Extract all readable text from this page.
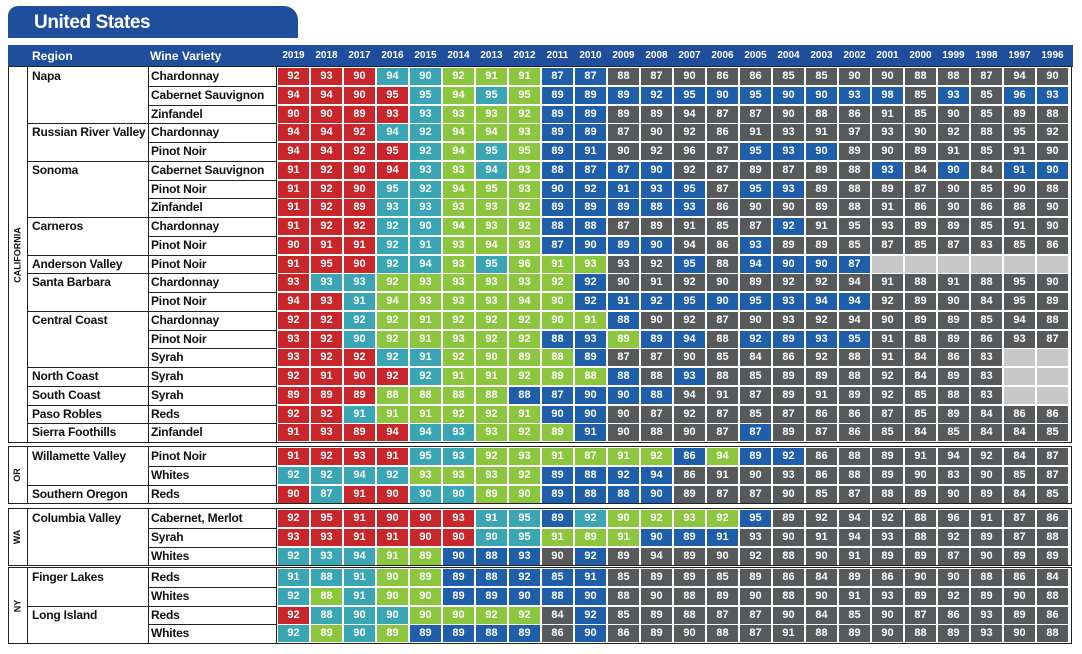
United States
Region	Wine Variety	2019	2018	2017	2016	2015	2014	2013	2012	2011	2010	2009	2008	2007	2006	2005	2004	2003	2002	2001	2000	1999	1998	1997	1996
CALIFORNIA
Napa	Chardonnay	92	93	90	94	90	92	91	91	87	87	88	87	90	86	86	85	85	90	90	88	88	87	94	90
Cabernet Sauvignon	94	94	90	95	95	94	95	95	89	89	89	92	95	90	95	90	90	93	98	85	93	85	96	93
Zinfandel	90	90	89	93	93	93	93	92	89	89	89	89	94	87	87	90	88	86	91	85	90	85	89	88
Russian River Valley Chardonnay	94	94	92	94	92	94	94	93	89	89	87	90	92	86	91	93	91	97	93	90	92	88	95	92
Pinot Noir	94	94	92	95	92	94	95	95	89	91	90	92	96	87	95	93	90	89	90	89	91	85	91	90
Sonoma	Cabernet Sauvignon	91	92	90	94	93	93	94	93	88	87	87	90	92	87	89	87	89	88	93	84	90	84	91	90
Pinot Noir	91	92	90	95	92	94	95	93	90	92	91	93	95	87	95	93	89	88	89	87	90	85	90	88
Zinfandel	91	92	89	93	93	93	93	92	89	89	89	88	93	86	90	90	89	88	91	86	90	86	88	90
Carneros	Chardonnay	91	92	92	92	90	94	93	92	88	88	87	89	91	85	87	92	91	95	93	89	89	85	91	90
Pinot Noir	90	91	91	92	91	93	94	93	87	90	89	90	94	86	93	89	89	85	87	85	87	83	85	86
Anderson Valley Pinot Noir	91	95	90	92	94	93	95	96	91	93	93	92	95	88	94	90	90	87
Santa Barbara	Chardonnay	93	93	93	92	93	93	93	93	92	92	90	91	92	90	89	92	92	94	91	88	91	88	95	90
Pinot Noir	94	93	91	94	93	93	93	94	90	92	91	92	95	90	95	93	94	94	92	89	90	84	95	89
Central Coast	Chardonnay	92	92	92	92	91	92	92	92	90	91	88	90	92	87	90	93	92	94	90	89	89	85	94	88
Pinot Noir	93	92	90	92	91	93	92	92	88	93	89	89	94	88	92	89	93	95	91	88	89	86	93	87
Syrah	93	92	92	92	91	92	90	89	88	89	87	87	90	85	84	86	92	88	91	84	86	83
North Coast	Syrah	92	91	90	92	92	91	91	92	89	88	88	88	93	88	85	89	89	88	92	84	89	83
South Coast	Syrah	89	89	89	88	88	88	88	88	87	90	90	88	94	91	87	89	91	89	92	85	88	83
Paso Robles	Reds	92	92	91	91	91	92	92	91	90	90	90	87	92	87	85	87	86	86	87	85	89	84	86	86
Sierra Foothills	Zinfandel	91	93	89	94	94	93	93	92	89	91	90	88	90	87	87	89	87	86	85	84	85	84	84	85
OR
Willamette Valley Pinot Noir	91	92	93	91	95	93	92	93	91	87	91	92	86	94	89	92	86	88	89	91	94	92	84	87
Whites	92	92	94	92	93	93	93	92	89	88	92	94	86	91	90	93	86	88	89	90	83	90	85	87
Southern Oregon Reds	90	87	91	90	90	90	89	90	89	88	88	90	89	87	87	90	85	87	88	89	90	89	84	85
WA
Columbia Valley Cabernet, Merlot	92	95	91	90	90	93	91	95	89	92	90	92	93	92	95	89	92	94	92	88	96	91	87	86
Syrah	93	93	91	91	90	90	90	95	91	89	91	90	89	91	93	90	91	94	93	88	92	89	87	88
Whites	92	93	94	91	89	90	88	93	90	92	89	94	89	90	92	88	90	91	89	89	87	90	89	89
NY
Finger Lakes	Reds	91	88	91	90	89	89	88	92	85	91	85	89	89	85	89	86	84	89	86	90	90	88	86	84
Whites	92	88	91	90	90	89	89	90	88	90	88	90	88	89	90	88	90	91	93	89	92	89	90	88
Long Island	Reds	92	88	90	90	90	90	92	92	84	92	85	89	88	87	87	90	84	85	90	87	86	93	89	86
Whites	92	89	90	89	89	89	88	89	86	90	86	89	90	88	87	91	88	89	90	88	89	93	90	88
